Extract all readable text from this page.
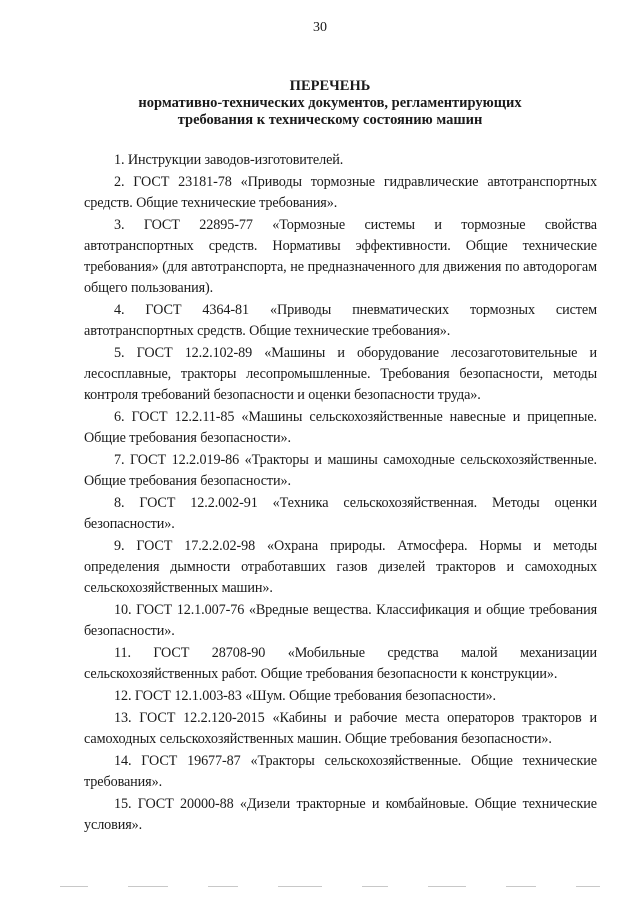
30
ПЕРЕЧЕНЬ
нормативно-технических документов, регламентирующих
требования к техническому состоянию машин

1. Инструкции заводов-изготовителей.

2. ГОСТ 23181-78 «Приводы тормозные гидравлические автотранспортных средств. Общие технические требования».

3. ГОСТ 22895-77 «Тормозные системы и тормозные свойства автотранспортных средств. Нормативы эффективности. Общие технические требования» (для автотранспорта, не предназначенного для движения по автодорогам общего пользования).

4. ГОСТ 4364-81 «Приводы пневматических тормозных систем автотранспортных средств. Общие технические требования».

5. ГОСТ 12.2.102-89 «Машины и оборудование лесозаготовительные и лесосплавные, тракторы лесопромышленные. Требования безопасности, методы контроля требований безопасности и оценки безопасности труда».

6. ГОСТ 12.2.11-85 «Машины сельскохозяйственные навесные и прицепные. Общие требования безопасности».

7. ГОСТ 12.2.019-86 «Тракторы и машины самоходные сельскохозяйственные. Общие требования безопасности».

8. ГОСТ 12.2.002-91 «Техника сельскохозяйственная. Методы оценки безопасности».

9. ГОСТ 17.2.2.02-98 «Охрана природы. Атмосфера. Нормы и методы определения дымности отработавших газов дизелей тракторов и самоходных сельскохозяйственных машин».

10. ГОСТ 12.1.007-76 «Вредные вещества. Классификация и общие требования безопасности».

11. ГОСТ 28708-90 «Мобильные средства малой механизации сельскохозяйственных работ. Общие требования безопасности к конструкции».

12. ГОСТ 12.1.003-83 «Шум. Общие требования безопасности».

13. ГОСТ 12.2.120-2015 «Кабины и рабочие места операторов тракторов и самоходных сельскохозяйственных машин. Общие требования безопасности».

14. ГОСТ 19677-87 «Тракторы сельскохозяйственные. Общие технические требования».

15. ГОСТ 20000-88 «Дизели тракторные и комбайновые. Общие технические условия».
